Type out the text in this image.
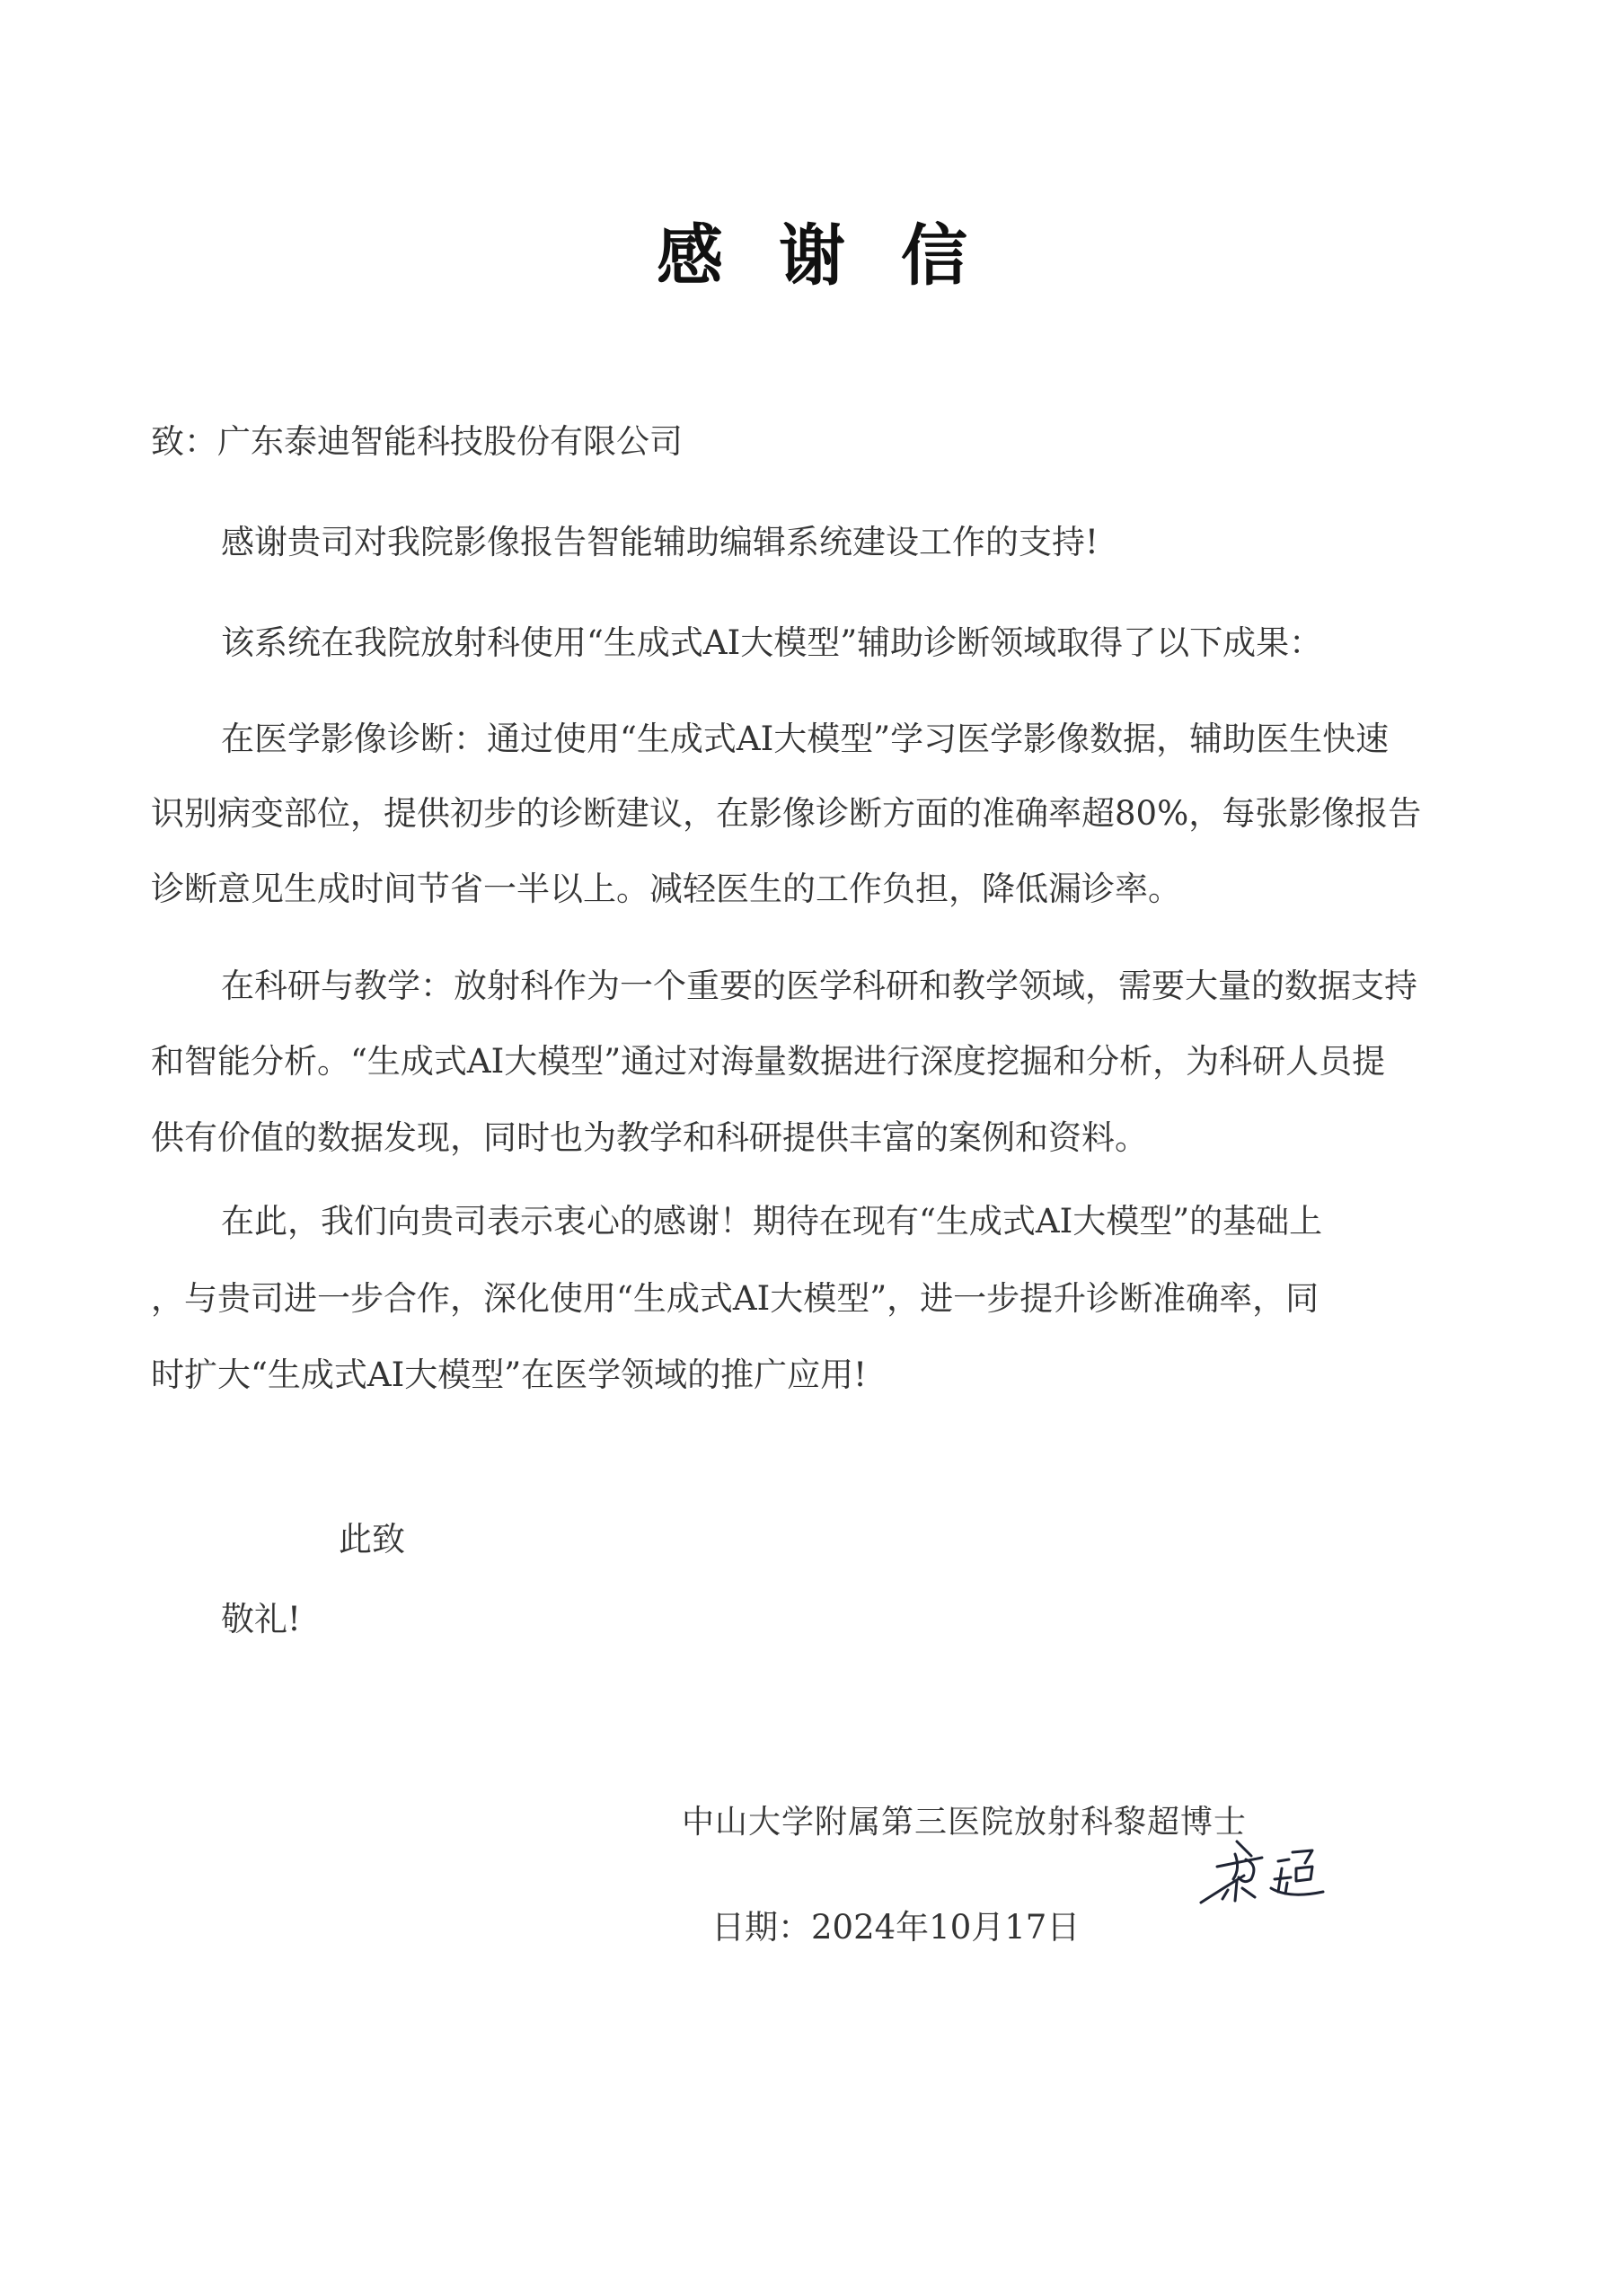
感谢信
致：广东泰迪智能科技股份有限公司
感谢贵司对我院影像报告智能辅助编辑系统建设工作的支持!
该系统在我院放射科使用“生成式AI大模型”辅助诊断领域取得了以下成果：
在医学影像诊断：通过使用“生成式AI大模型”学习医学影像数据，辅助医生快速
识别病变部位，提供初步的诊断建议，在影像诊断方面的准确率超80%，每张影像报告
诊断意见生成时间节省一半以上。减轻医生的工作负担，降低漏诊率。
在科研与教学：放射科作为一个重要的医学科研和教学领域，需要大量的数据支持
和智能分析。“生成式AI大模型”通过对海量数据进行深度挖掘和分析，为科研人员提
供有价值的数据发现，同时也为教学和科研提供丰富的案例和资料。
在此，我们向贵司表示衷心的感谢！期待在现有“生成式AI大模型”的基础上
，与贵司进一步合作，深化使用“生成式AI大模型”，进一步提升诊断准确率，同
时扩大“生成式AI大模型”在医学领域的推广应用!
此致
敬礼!
中山大学附属第三医院放射科黎超博士
日期：2024年10月17日
